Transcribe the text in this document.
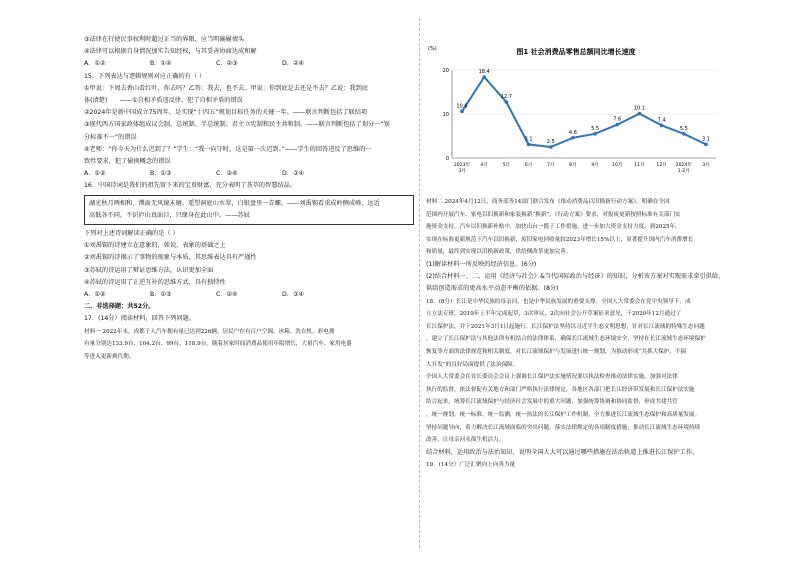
③法律在行使民事权利时超过正当的界限，应当明确履债头
④法律可以根据自身情况加实告知经权，与其妥善协商达成和解
A．①②	B．①④	C．②③	D．②④
15．下列表达与逻辑规则对应正确的有（ ）
①甲说：下周去香山看红叶，你去吗？乙答：我去，也不去。甲说：你到底是去还是不去？乙说：我到底
体(清楚)　　——①自相矛盾违反律，犯了自相矛盾的错误
②2024年是新中国成立75周年，是实现“十四五”规划目标任务的关键一年。——联言判断包括了联结项
③现代西方国家政体组成议会制、总统制、半总统制、君主立宪制和民主共和制。——联言判断包括了划分一“划
分标准不一”的错误
④老师：“你今天为什么迟到了？”学生：“我一向守时，这是第一次迟到。”——学生的回答违反了思维的一
致性要求，犯了偷换概念的错误
A．①②	B．①③	C．②④	D．③④
16．中国诗词是我们的祖先留下来的宝贵财富，充分表明了荟萃的智慧结晶。
湖光秋月两相和，潭面无风镜未磨。遥望洞庭山水翠，白银盘里一青螺。——刘禹锡看重成岭侧成峰，远近
高低各不同。不识庐山真面目，只缘身在此山中。——苏轼
下列对上述诗词解读正确的是（ ）
①刘禹锡的诗建立在意象的，如说、表象的基础之上
②刘禹锡的诗揭示了事物的现象与本质，其思维表达具有严谨性
③苏轼的诗运用了辩证思维方法，认识更加全面
④苏轼的诗运用了正逆互补的思维方式，具有独特性
A．①②	B．①③	C．②④	D．③④
二、非选择题：共52分。
17．(14分）阅读材料，回答下列问题。
材料一 2022年末，成都千人汽车拥有量已达到226辆，居民户存有百户空调、冰箱、洗衣机、彩电拥
有量分别达133.9台、104.2台、99台、118.9台。随着居家时间消费品使用年限增长，大量汽车、家用电器
等进入更新换代期。
图1 社会消费品零售总额同比增长速度
(%)
0
10
20
10.6
18.4
12.7
3.1	2.5
4.6
5.5
7.6
10.1
7.4
5.5
3.1
2023年
3月
4月	5月	6月	7月	8月	9月	10月	11月	12月 2024年
1-2月
3月
材料二 2024年4月12日，商务部等14部门联合发布《推动消费品以旧换新行动方案》，明确在全国
范围内开展汽车、家电以旧换新和家装换新“换新”，《行动方案》要求，对报废更新按照标准有关部门实
施资金支持，汽车以旧换新补贴中，加快出台一揽子工作措施，进一步加大资金支持力度。到2025年，
实现在标准更新规范下汽车以旧换新，废旧家电回收量较2023年增长15%以上，显著提升国内汽车消费增长
和质量，最终到实现以旧换新政策，供给侧改革更加完善。
(1)解读材料一所反映的经济信息。(6分)
(2)结合材料一、二，运用《经济与社会》&当代国际政治与经济》的知识，分析该方案对实现需求牵引供给，
供给创造需求的更高水平动态平衡的依据。(8分)
18．(8分）长江是中华民族的母亲河，也是中华民族发展的重要支撑。全国人大常委会在党中央领导下，成
立立法专班，2019年上半年完成起草，3次审议，2次向社会公开草案征求意见，于2020年12月通过了
长江保护法，并于2021年3月1日起施行。长江保护法坚持以习近平生态文明思想，针对长江流域的特殊生态问题
，建立了长江保护法与其他法律有机结合的法律体系，确保长江流域生态环境安全，坚持在长江流域生态环境保护
恢复等方面的法律规范和相关制度，对长江流域保护与发展进行统一规划，为推动形成“共抓大保护，不搞
大开发”的良好局面提供了法治保障。
全国人大常委会在首长委员会会议上强调长江保护法实施情况要以执法检查推动法律实施，加强对法律
执行的监督，依法督促有关地方和部门严格执行法律规定，各地区各部门把长江经济带发展和长江保护法实施
结合起来，统筹长江流域保护与经济社会发展中的重大问题，加强统筹协调和协同监督，形成共建共管
，统一规划，统一标准，统一监测，统一执法的长江保护工作机制，全力推进长江流域生态保护和高质量发展。
坚持问题导向，着力解决长江流域面临的突出问题，落实法律规定的各项制度措施，推动长江流域生态环境持续
改善，让母亲河永葆生机活力。
结合材料，运用政治与法治知识，说明全国人大可以通过哪些措施在法治轨道上推进长江保护工作。
19．(14分）广泛汇聚向上向善力量
